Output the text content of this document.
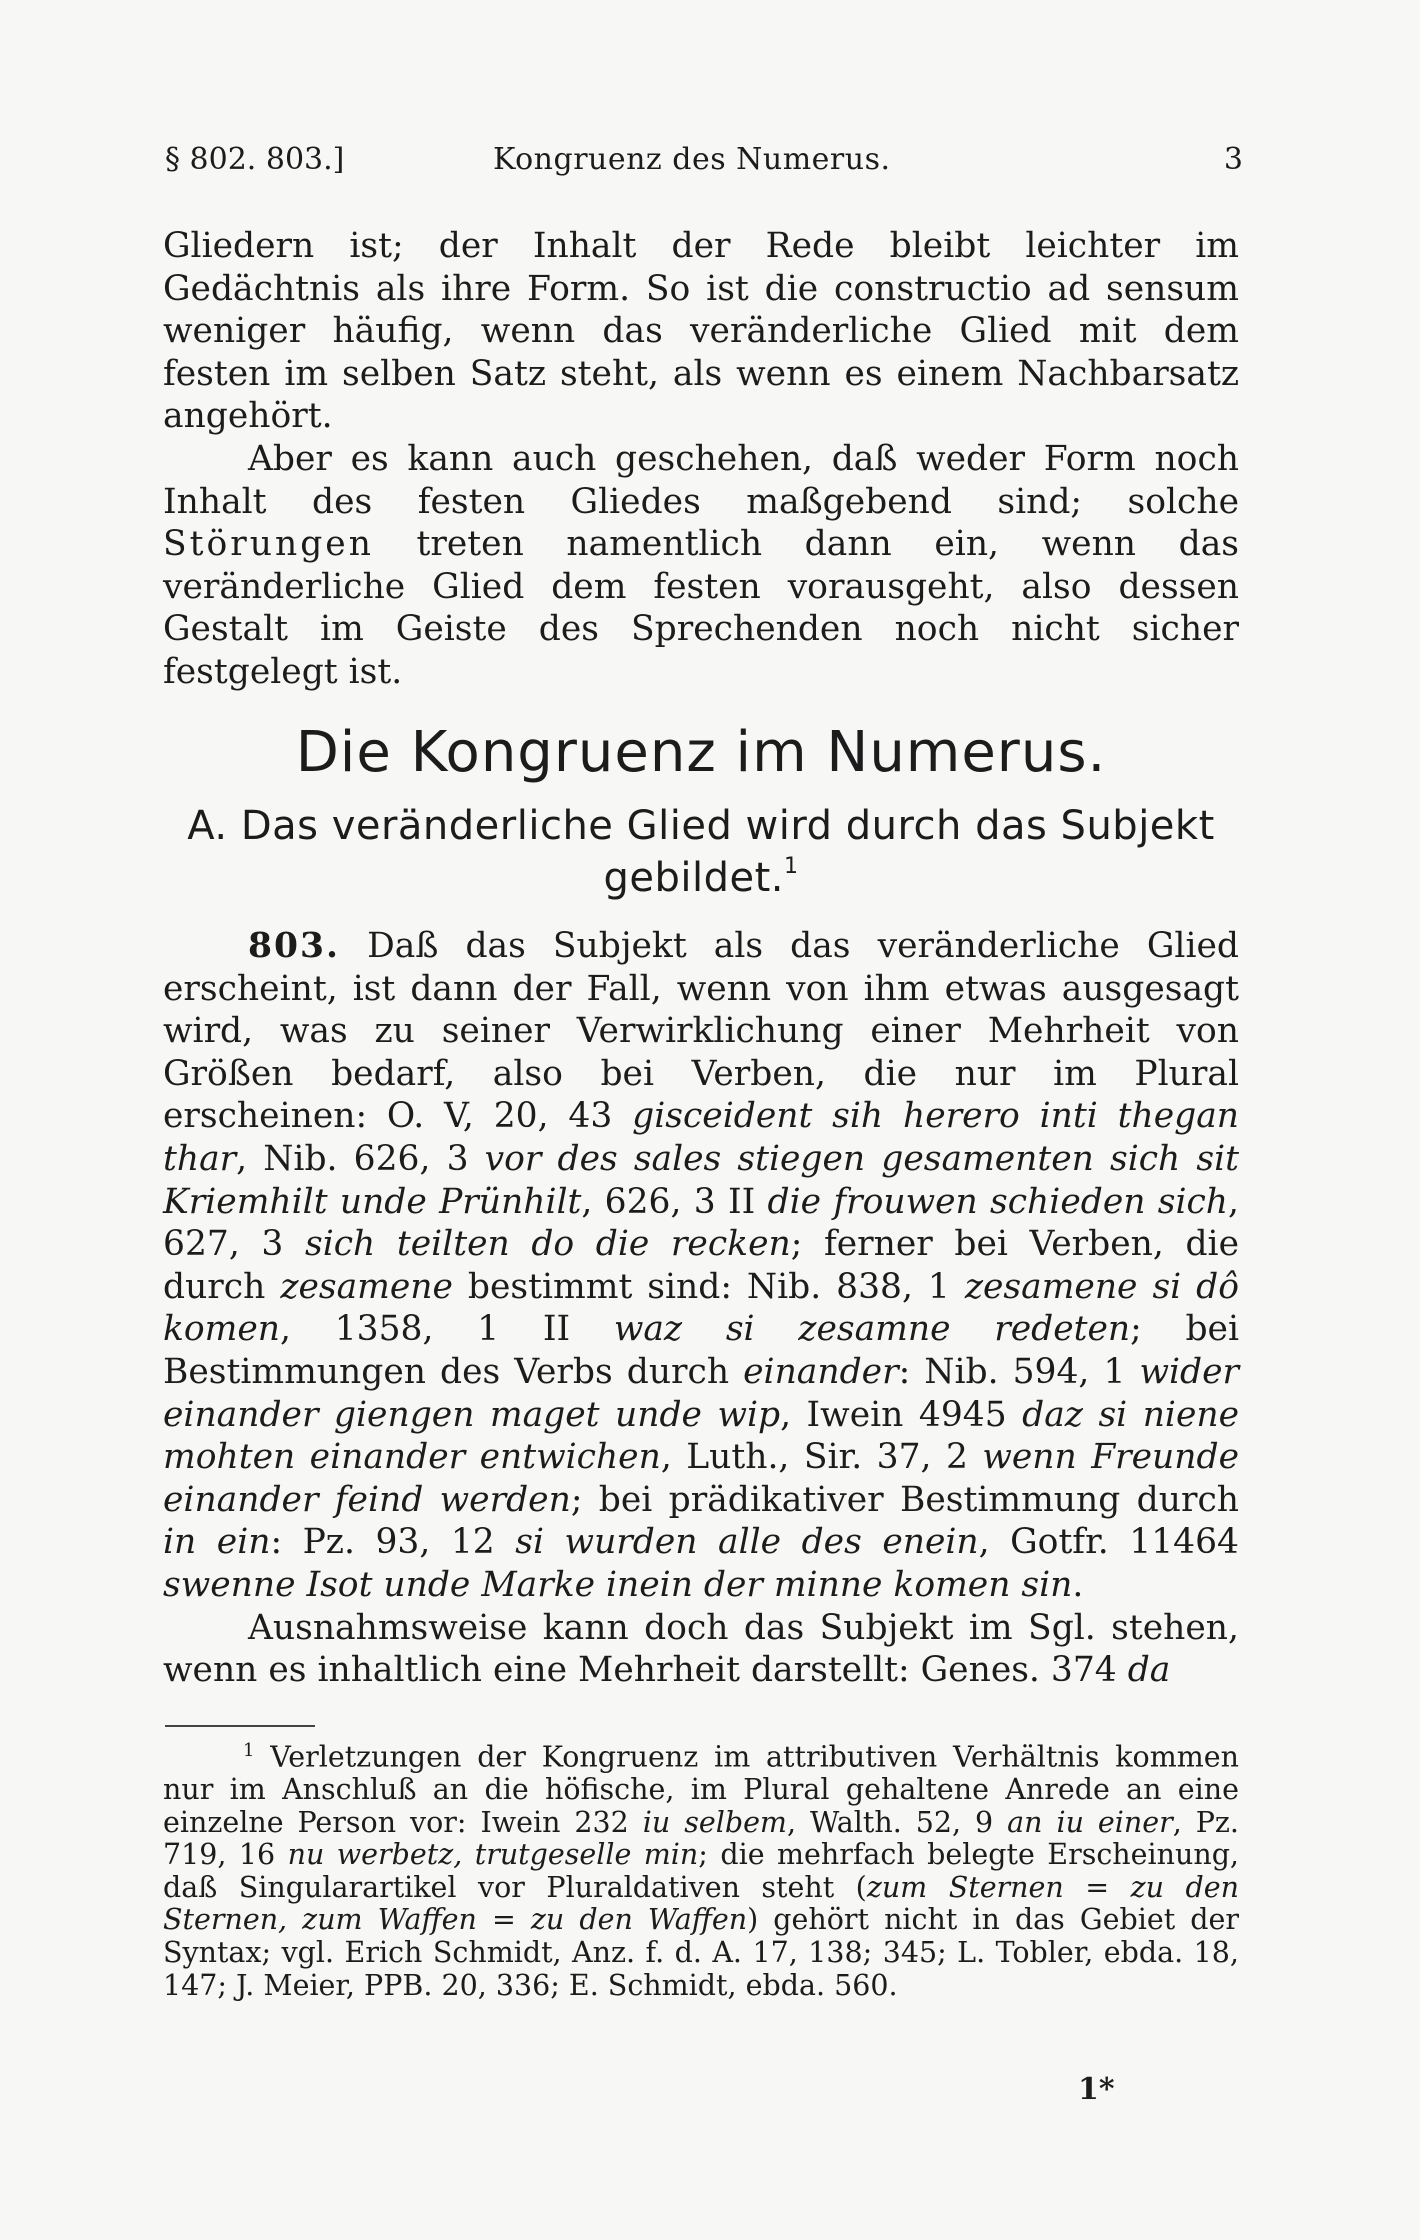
§ 802. 803.]	Kongruenz des Numerus.	3

Gliedern ist; der Inhalt der Rede bleibt leichter im Gedächtnis als ihre Form. So ist die constructio ad sensum weniger häufig, wenn das veränderliche Glied mit dem festen im selben Satz steht, als wenn es einem Nachbarsatz angehört.

Aber es kann auch geschehen, daß weder Form noch Inhalt des festen Gliedes maßgebend sind; solche Störungen treten namentlich dann ein, wenn das veränderliche Glied dem festen vorausgeht, also dessen Gestalt im Geiste des Sprechenden noch nicht sicher festgelegt ist.

Die Kongruenz im Numerus.
A. Das veränderliche Glied wird durch das Subjekt gebildet.$^1$

803. Daß das Subjekt als das veränderliche Glied erscheint, ist dann der Fall, wenn von ihm etwas ausgesagt wird, was zu seiner Verwirklichung einer Mehrheit von Größen bedarf, also bei Verben, die nur im Plural erscheinen: O. V, 20, 43 gisceident sih herero inti thegan thar, Nib. 626, 3 vor des sales stiegen gesamenten sich sit Kriemhilt unde Prünhilt, 626, 3 II die frouwen schieden sich, 627, 3 sich teilten do die recken; ferner bei Verben, die durch zesamene bestimmt sind: Nib. 838, 1 zesamene si dô komen, 1358, 1 II waz si zesamne redeten; bei Bestimmungen des Verbs durch einander: Nib. 594, 1 wider einander giengen maget unde wip, Iwein 4945 daz si niene mohten einander entwichen, Luth., Sir. 37, 2 wenn Freunde einander feind werden; bei prädikativer Bestimmung durch in ein: Pz. 93, 12 si wurden alle des enein, Gotfr. 11464 swenne Isot unde Marke inein der minne komen sin.

Ausnahmsweise kann doch das Subjekt im Sgl. stehen, wenn es inhaltlich eine Mehrheit darstellt: Genes. 374 da

$^1$ Verletzungen der Kongruenz im attributiven Verhältnis kommen nur im Anschluß an die höfische, im Plural gehaltene Anrede an eine einzelne Person vor: Iwein 232 iu selbem, Walth. 52, 9 an iu einer, Pz. 719, 16 nu werbetz, trutgeselle min; die mehrfach belegte Erscheinung, daß Singularartikel vor Pluraldativen steht (zum Sternen = zu den Sternen, zum Waffen = zu den Waffen) gehört nicht in das Gebiet der Syntax; vgl. Erich Schmidt, Anz. f. d. A. 17, 138; 345; L. Tobler, ebda. 18, 147; J. Meier, PPB. 20, 336; E. Schmidt, ebda. 560.

1*
